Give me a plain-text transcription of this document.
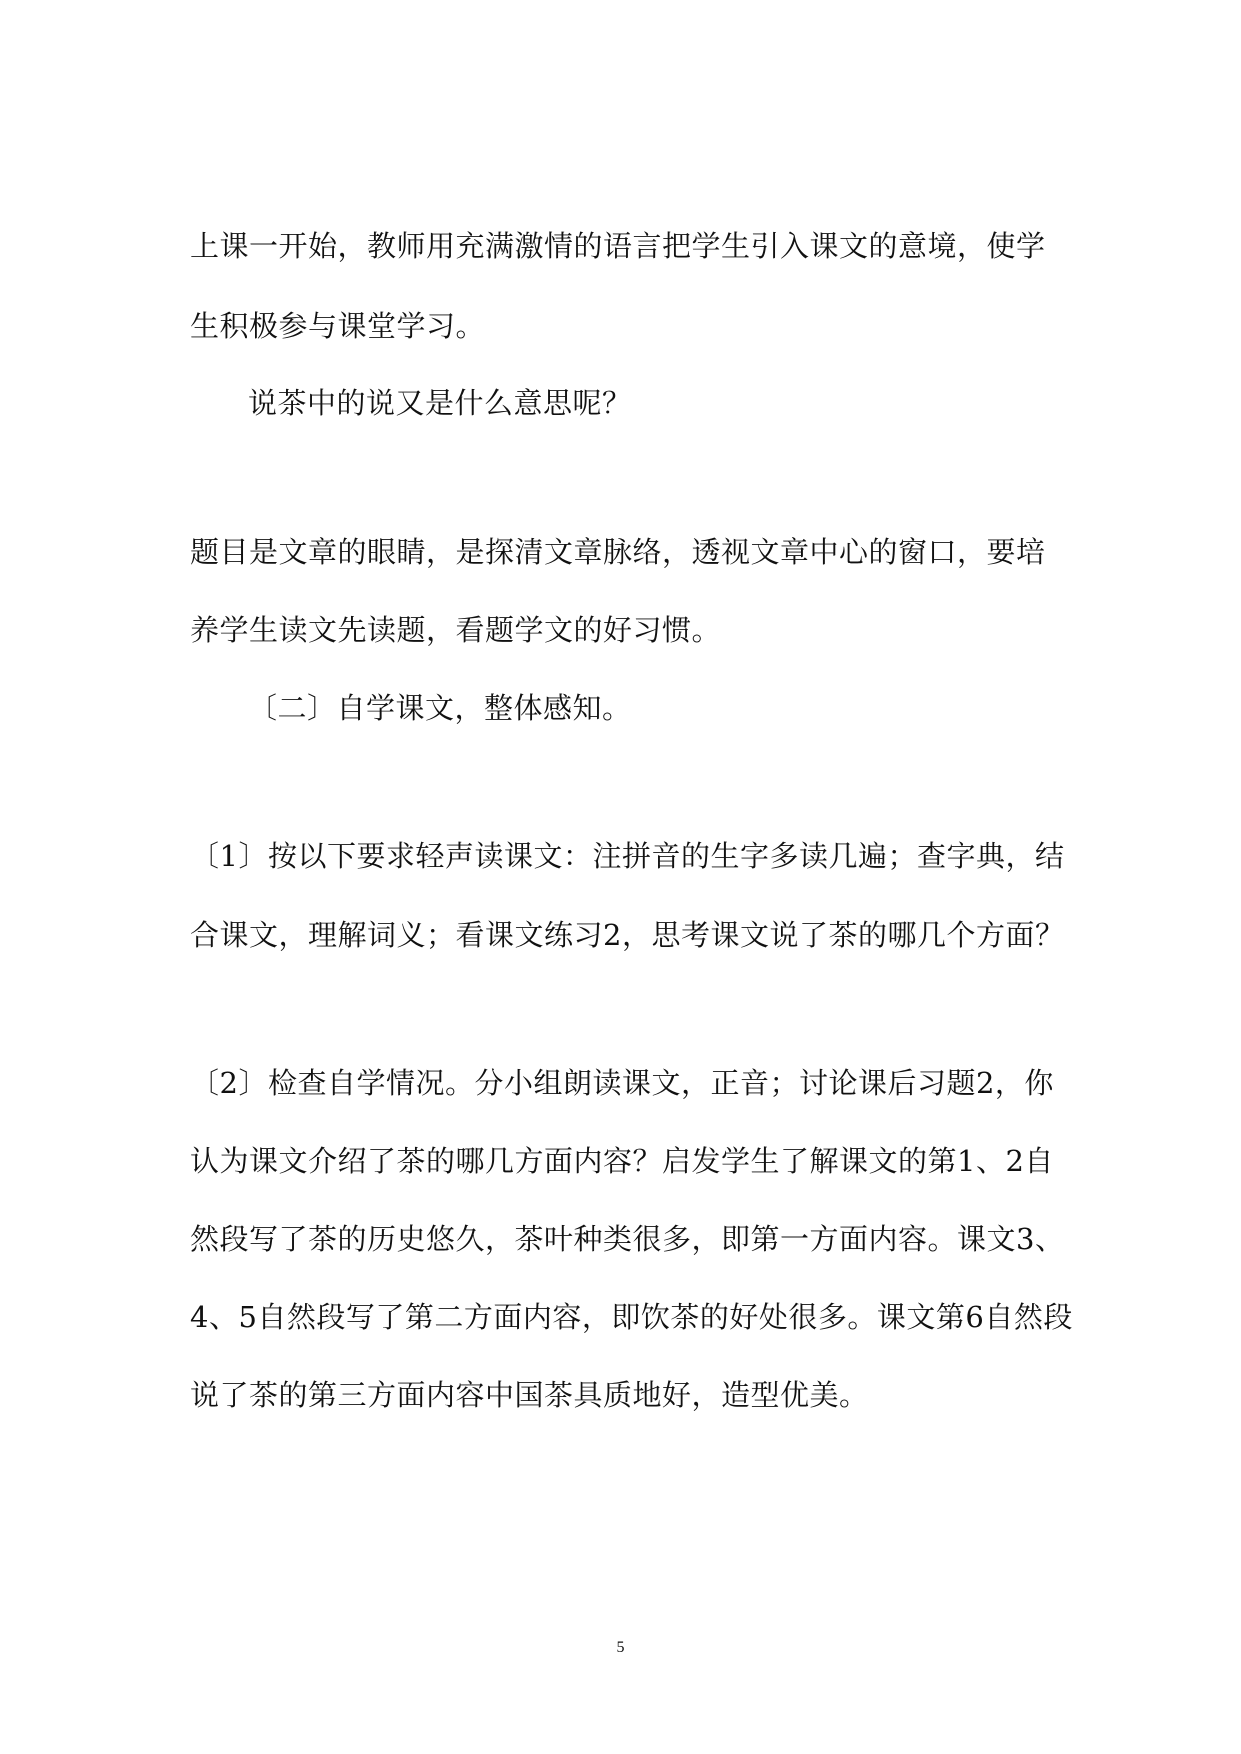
上课一开始，教师用充满激情的语言把学生引入课文的意境，使学
生积极参与课堂学习。
说茶中的说又是什么意思呢？
题目是文章的眼睛，是探清文章脉络，透视文章中心的窗口，要培
养学生读文先读题，看题学文的好习惯。
〔二〕自学课文，整体感知。
〔1〕按以下要求轻声读课文：注拼音的生字多读几遍；查字典，结
合课文，理解词义；看课文练习2，思考课文说了茶的哪几个方面？
〔2〕检查自学情况。分小组朗读课文，正音；讨论课后习题2，你
认为课文介绍了茶的哪几方面内容？启发学生了解课文的第1、2自
然段写了茶的历史悠久，茶叶种类很多，即第一方面内容。课文3、
4、5自然段写了第二方面内容，即饮茶的好处很多。课文第6自然段
说了茶的第三方面内容中国茶具质地好，造型优美。
5
